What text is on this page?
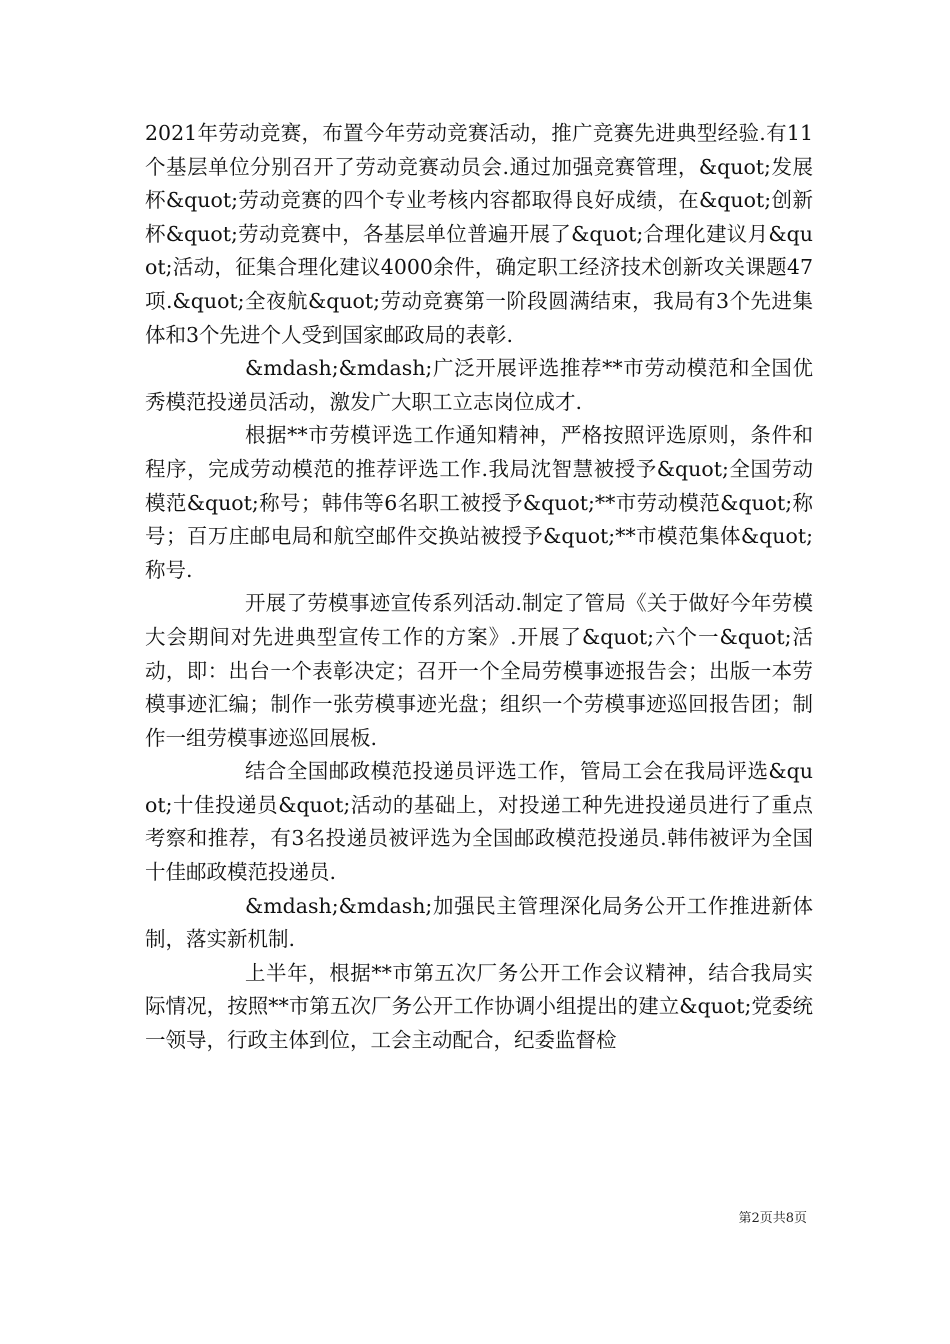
2021年劳动竞赛，布置今年劳动竞赛活动，推广竞赛先进典型经验.有11个基层单位分别召开了劳动竞赛动员会.通过加强竞赛管理，&quot;发展杯&quot;劳动竞赛的四个专业考核内容都取得良好成绩，在&quot;创新杯&quot;劳动竞赛中，各基层单位普遍开展了&quot;合理化建议月&quot;活动，征集合理化建议4000余件，确定职工经济技术创新攻关课题47项.&quot;全夜航&quot;劳动竞赛第一阶段圆满结束，我局有3个先进集体和3个先进个人受到国家邮政局的表彰.

&mdash;&mdash;广泛开展评选推荐**市劳动模范和全国优秀模范投递员活动，激发广大职工立志岗位成才.

根据**市劳模评选工作通知精神，严格按照评选原则，条件和程序，完成劳动模范的推荐评选工作.我局沈智慧被授予&quot;全国劳动模范&quot;称号；韩伟等6名职工被授予&quot;**市劳动模范&quot;称号；百万庄邮电局和航空邮件交换站被授予&quot;**市模范集体&quot;称号.

开展了劳模事迹宣传系列活动.制定了管局《关于做好今年劳模大会期间对先进典型宣传工作的方案》.开展了&quot;六个一&quot;活动，即：出台一个表彰决定；召开一个全局劳模事迹报告会；出版一本劳模事迹汇编；制作一张劳模事迹光盘；组织一个劳模事迹巡回报告团；制作一组劳模事迹巡回展板.

结合全国邮政模范投递员评选工作，管局工会在我局评选&quot;十佳投递员&quot;活动的基础上，对投递工种先进投递员进行了重点考察和推荐，有3名投递员被评选为全国邮政模范投递员.韩伟被评为全国十佳邮政模范投递员.

&mdash;&mdash;加强民主管理深化局务公开工作推进新体制，落实新机制.

上半年，根据**市第五次厂务公开工作会议精神，结合我局实际情况，按照**市第五次厂务公开工作协调小组提出的建立&quot;党委统一领导，行政主体到位，工会主动配合，纪委监督检

第2页共8页
